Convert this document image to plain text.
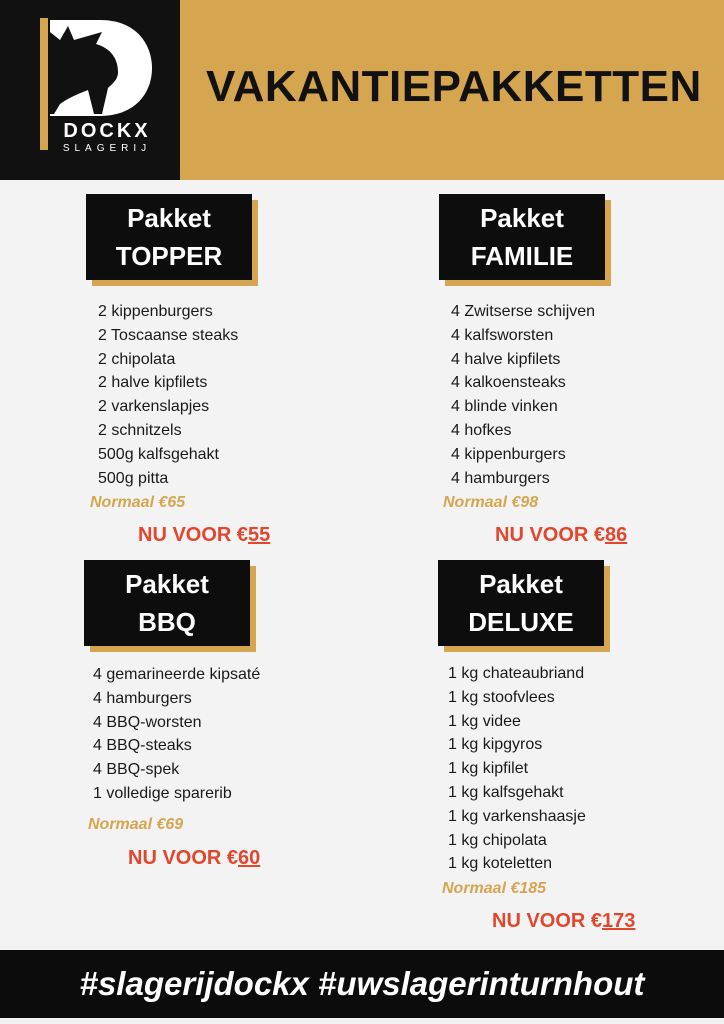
DOCKX
SLAGERIJ
VAKANTIEPAKKETTEN
Pakket
TOPPER
2 kippenburgers
2 Toscaanse steaks
2 chipolata
2 halve kipfilets
2 varkenslapjes
2 schnitzels
500g kalfsgehakt
500g pitta
Normaal €65
NU VOOR €55
Pakket
FAMILIE
4 Zwitserse schijven
4 kalfsworsten
4 halve kipfilets
4 kalkoensteaks
4 blinde vinken
4 hofkes
4 kippenburgers
4 hamburgers
Normaal €98
NU VOOR €86
Pakket
BBQ
4 gemarineerde kipsaté
4 hamburgers
4 BBQ-worsten
4 BBQ-steaks
4 BBQ-spek
1 volledige sparerib
Normaal €69
NU VOOR €60
Pakket
DELUXE
1 kg chateaubriand
1 kg stoofvlees
1 kg videe
1 kg kipgyros
1 kg kipfilet
1 kg kalfsgehakt
1 kg varkenshaasje
1 kg chipolata
1 kg koteletten
Normaal €185
NU VOOR €173
#slagerijdockx #uwslagerinturnhout
